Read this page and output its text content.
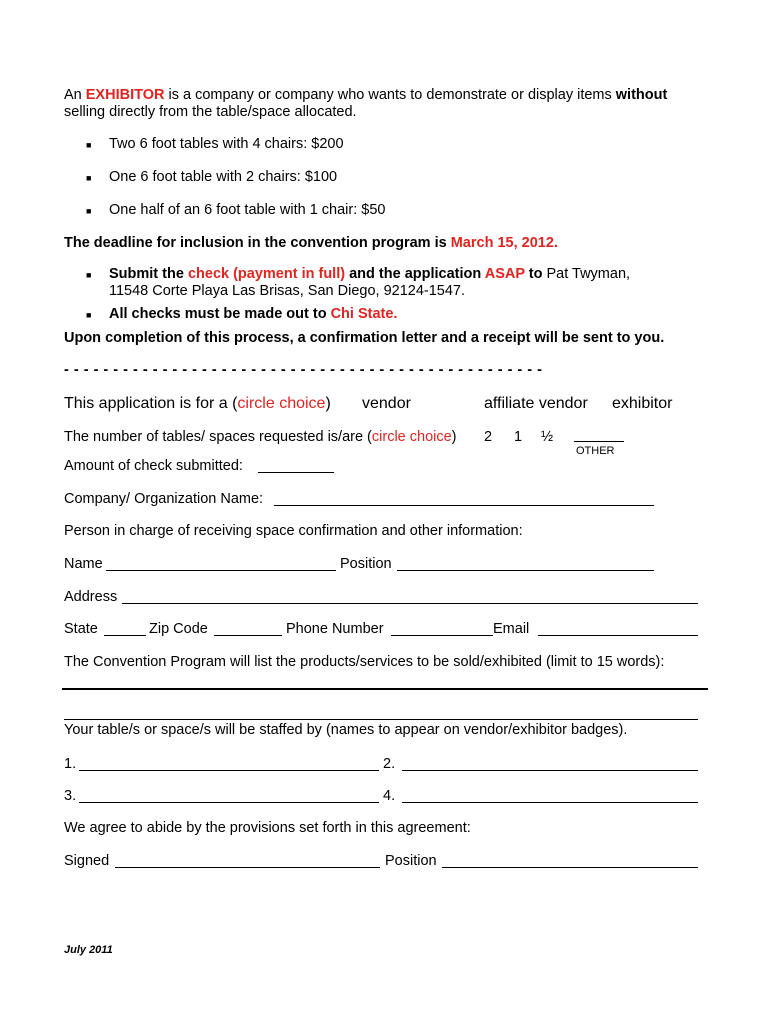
An EXHIBITOR is a company or company who wants to demonstrate or display items without
selling directly from the table/space allocated.
■ Two 6 foot tables with 4 chairs: $200
■ One 6 foot table with 2 chairs: $100
■ One half of an 6 foot table with 1 chair: $50
The deadline for inclusion in the convention program is March 15, 2012.
■ Submit the check (payment in full) and the application ASAP to Pat Twyman,
11548 Corte Playa Las Brisas, San Diego, 92124-1547.
■ All checks must be made out to Chi State.
Upon completion of this process, a confirmation letter and a receipt will be sent to you.
- - - - - - - - - - - - - - - - - - - - - - - - - - - - - - - - - - - - - - - - - - - - - - - - -
This application is for a (circle choice) vendor	affiliate vendor exhibitor
The number of tables/ spaces requested is/are (circle choice) 2 1 ½
OTHER
Amount of check submitted:
Company/ Organization Name:
Person in charge of receiving space confirmation and other information:
Name	Position
Address
State	Zip Code	Phone Number	Email
The Convention Program will list the products/services to be sold/exhibited (limit to 15 words):
Your table/s or space/s will be staffed by (names to appear on vendor/exhibitor badges).
1.	2.
3.	4.
We agree to abide by the provisions set forth in this agreement:
Signed	Position
July 2011
